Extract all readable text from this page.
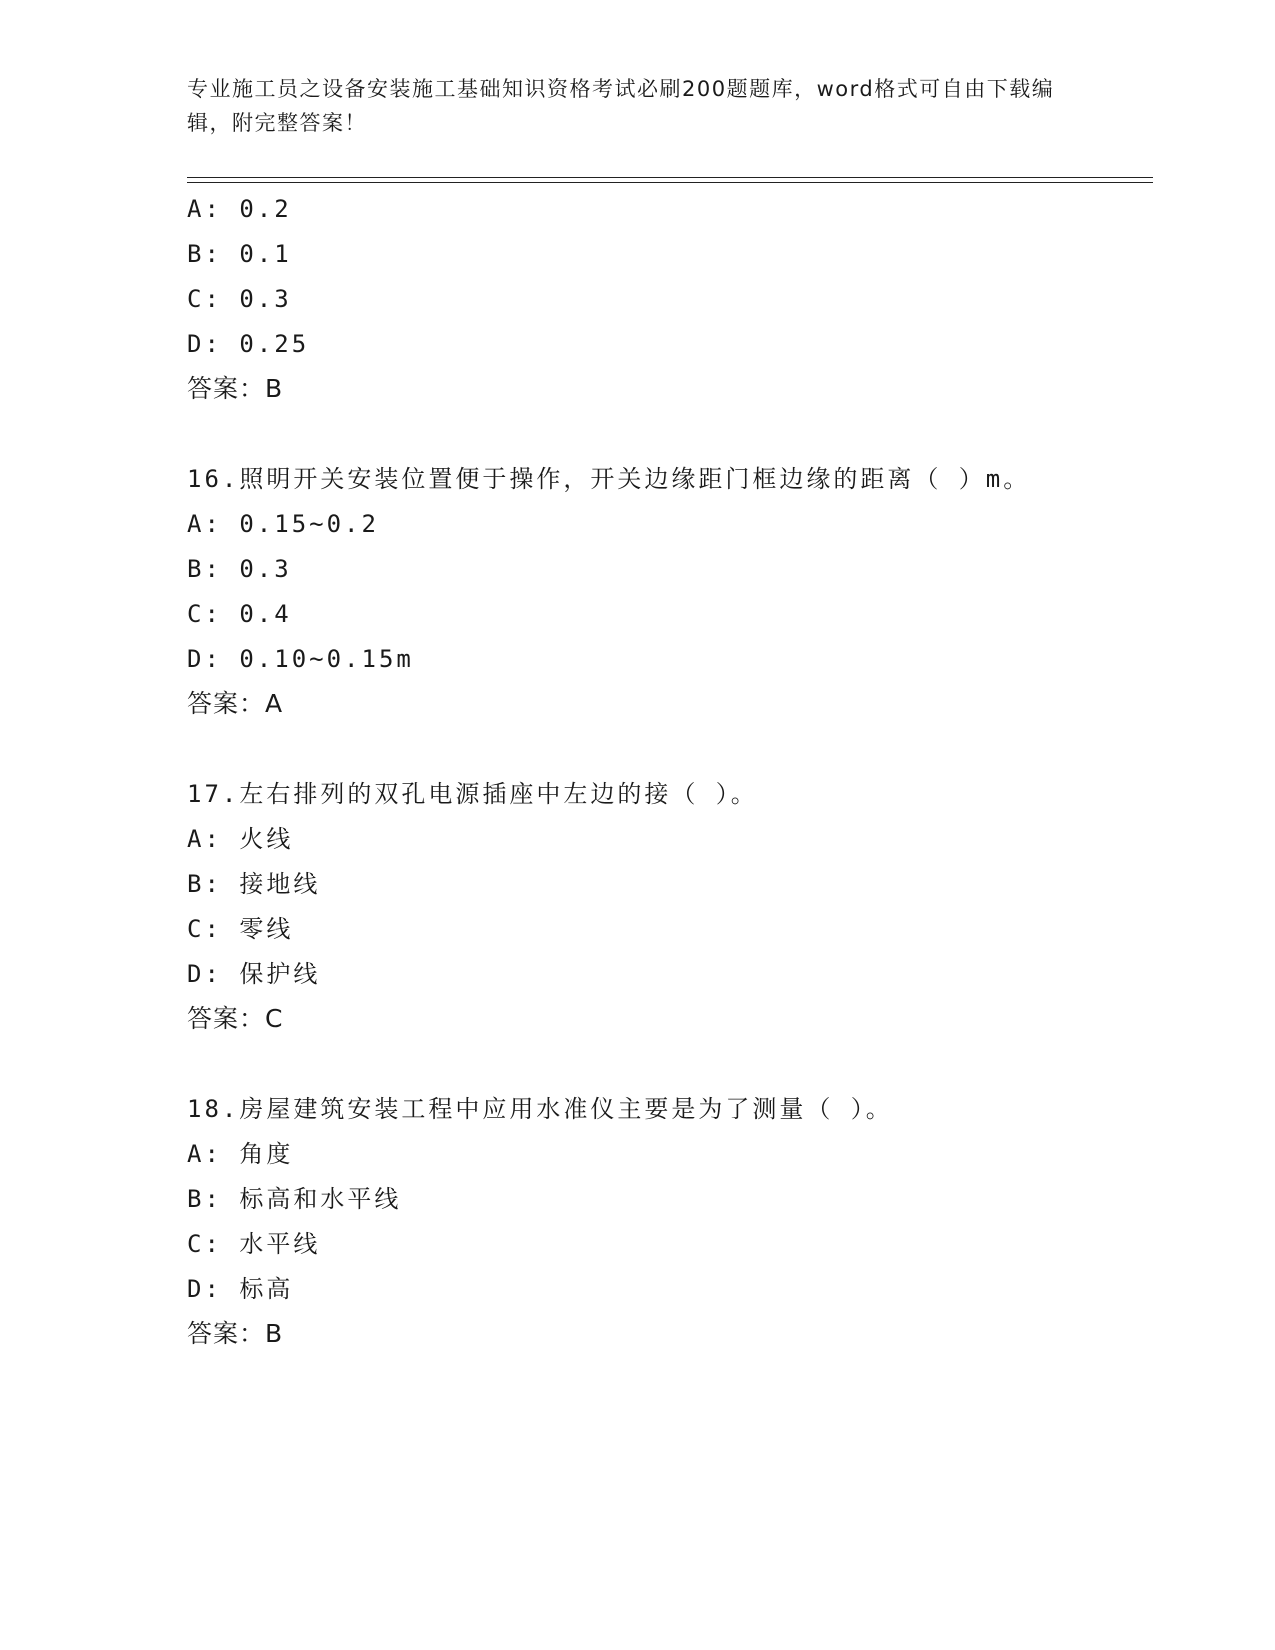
专业施工员之设备安装施工基础知识资格考试必刷200题题库，word格式可自由下载编辑，附完整答案！
A: 0.2
B: 0.1
C: 0.3
D: 0.25
答案：B
16.照明开关安装位置便于操作，开关边缘距门框边缘的距离（ ）m。
A: 0.15~0.2
B: 0.3
C: 0.4
D: 0.10~0.15m
答案：A
17.左右排列的双孔电源插座中左边的接（ ）。
A: 火线
B: 接地线
C: 零线
D: 保护线
答案：C
18.房屋建筑安装工程中应用水准仪主要是为了测量（ ）。
A: 角度
B: 标高和水平线
C: 水平线
D: 标高
答案：B
